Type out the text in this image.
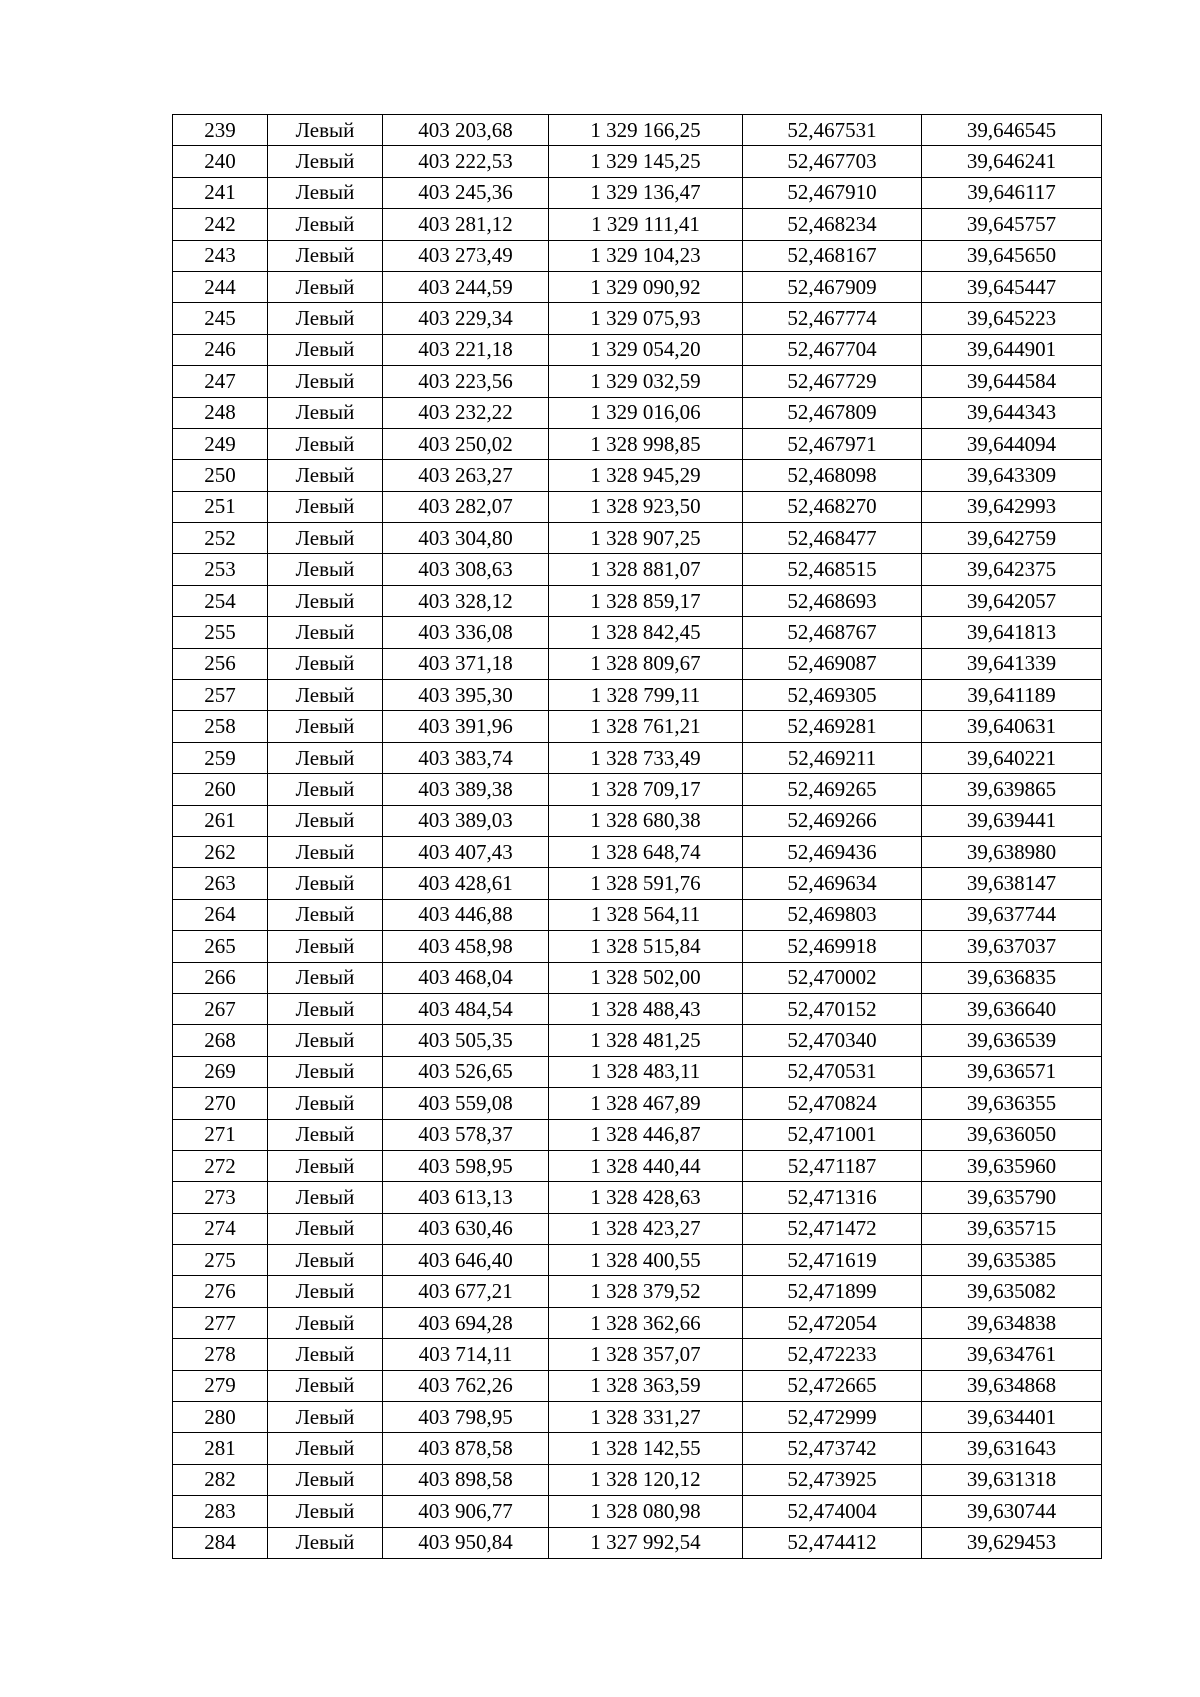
239	Левый	403 203,68	1 329 166,25	52,467531	39,646545
240	Левый	403 222,53	1 329 145,25	52,467703	39,646241
241	Левый	403 245,36	1 329 136,47	52,467910	39,646117
242	Левый	403 281,12	1 329 111,41	52,468234	39,645757
243	Левый	403 273,49	1 329 104,23	52,468167	39,645650
244	Левый	403 244,59	1 329 090,92	52,467909	39,645447
245	Левый	403 229,34	1 329 075,93	52,467774	39,645223
246	Левый	403 221,18	1 329 054,20	52,467704	39,644901
247	Левый	403 223,56	1 329 032,59	52,467729	39,644584
248	Левый	403 232,22	1 329 016,06	52,467809	39,644343
249	Левый	403 250,02	1 328 998,85	52,467971	39,644094
250	Левый	403 263,27	1 328 945,29	52,468098	39,643309
251	Левый	403 282,07	1 328 923,50	52,468270	39,642993
252	Левый	403 304,80	1 328 907,25	52,468477	39,642759
253	Левый	403 308,63	1 328 881,07	52,468515	39,642375
254	Левый	403 328,12	1 328 859,17	52,468693	39,642057
255	Левый	403 336,08	1 328 842,45	52,468767	39,641813
256	Левый	403 371,18	1 328 809,67	52,469087	39,641339
257	Левый	403 395,30	1 328 799,11	52,469305	39,641189
258	Левый	403 391,96	1 328 761,21	52,469281	39,640631
259	Левый	403 383,74	1 328 733,49	52,469211	39,640221
260	Левый	403 389,38	1 328 709,17	52,469265	39,639865
261	Левый	403 389,03	1 328 680,38	52,469266	39,639441
262	Левый	403 407,43	1 328 648,74	52,469436	39,638980
263	Левый	403 428,61	1 328 591,76	52,469634	39,638147
264	Левый	403 446,88	1 328 564,11	52,469803	39,637744
265	Левый	403 458,98	1 328 515,84	52,469918	39,637037
266	Левый	403 468,04	1 328 502,00	52,470002	39,636835
267	Левый	403 484,54	1 328 488,43	52,470152	39,636640
268	Левый	403 505,35	1 328 481,25	52,470340	39,636539
269	Левый	403 526,65	1 328 483,11	52,470531	39,636571
270	Левый	403 559,08	1 328 467,89	52,470824	39,636355
271	Левый	403 578,37	1 328 446,87	52,471001	39,636050
272	Левый	403 598,95	1 328 440,44	52,471187	39,635960
273	Левый	403 613,13	1 328 428,63	52,471316	39,635790
274	Левый	403 630,46	1 328 423,27	52,471472	39,635715
275	Левый	403 646,40	1 328 400,55	52,471619	39,635385
276	Левый	403 677,21	1 328 379,52	52,471899	39,635082
277	Левый	403 694,28	1 328 362,66	52,472054	39,634838
278	Левый	403 714,11	1 328 357,07	52,472233	39,634761
279	Левый	403 762,26	1 328 363,59	52,472665	39,634868
280	Левый	403 798,95	1 328 331,27	52,472999	39,634401
281	Левый	403 878,58	1 328 142,55	52,473742	39,631643
282	Левый	403 898,58	1 328 120,12	52,473925	39,631318
283	Левый	403 906,77	1 328 080,98	52,474004	39,630744
284	Левый	403 950,84	1 327 992,54	52,474412	39,629453
